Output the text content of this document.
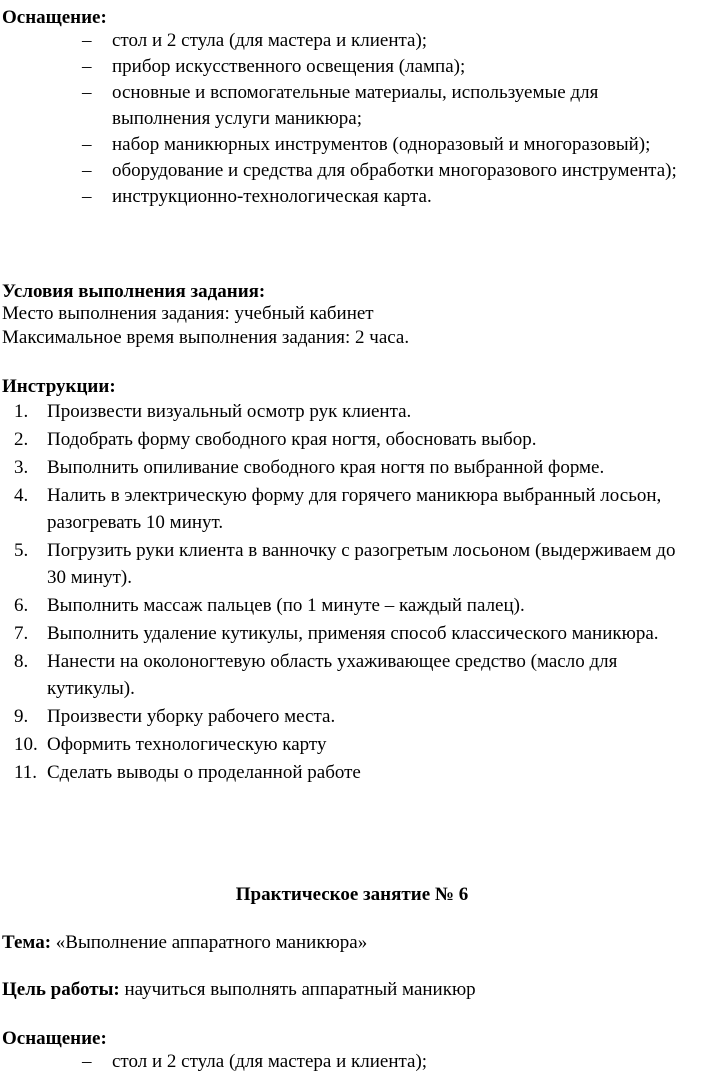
Оснащение:
– стол и 2 стула (для мастера и клиента);
– прибор искусственного освещения (лампа);
– основные и вспомогательные материалы, используемые для выполнения услуги маникюра;
– набор маникюрных инструментов (одноразовый и многоразовый);
– оборудование и средства для обработки многоразового инструмента);
– инструкционно-технологическая карта.
Условия выполнения задания:
Место выполнения задания: учебный кабинет
Максимальное время выполнения задания: 2 часа.
Инструкции:
1. Произвести визуальный осмотр рук клиента.
2. Подобрать форму свободного края ногтя, обосновать выбор.
3. Выполнить опиливание свободного края ногтя по выбранной форме.
4. Налить в электрическую форму для горячего маникюра выбранный лосьон, разогревать 10 минут.
5. Погрузить руки клиента в ванночку с разогретым лосьоном (выдерживаем до 30 минут).
6. Выполнить массаж пальцев (по 1 минуте – каждый палец).
7. Выполнить удаление кутикулы, применяя способ классического маникюра.
8. Нанести на околоногтевую область ухаживающее средство (масло для кутикулы).
9. Произвести уборку рабочего места.
10. Оформить технологическую карту
11. Сделать выводы о проделанной работе
Практическое занятие № 6
Тема: «Выполнение аппаратного маникюра»
Цель работы: научиться выполнять аппаратный маникюр
Оснащение:
– стол и 2 стула (для мастера и клиента);
